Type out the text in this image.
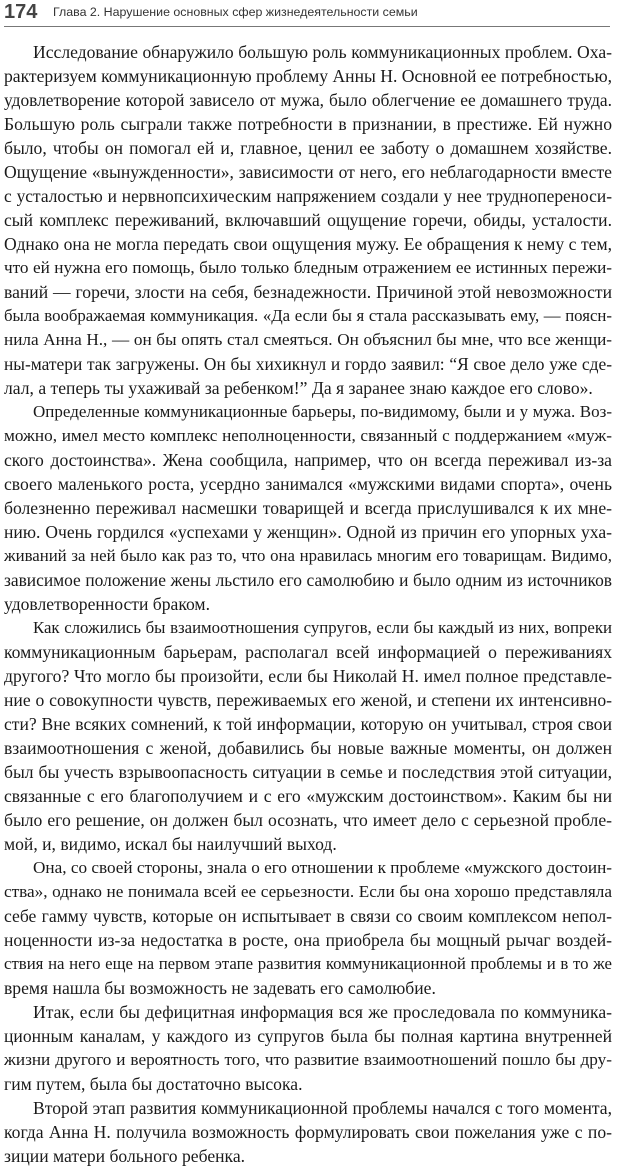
174 Глава 2. Нарушение основных сфер жизнедеятельности семьи
Исследование обнаружило большую роль коммуникационных проблем. Оха-
рактеризуем коммуникационную проблему Анны Н. Основной ее потребностью,
удовлетворение которой зависело от мужа, было облегчение ее домашнего труда.
Большую роль сыграли также потребности в признании, в престиже. Ей нужно
было, чтобы он помогал ей и, главное, ценил ее заботу о домашнем хозяйстве.
Ощущение «вынужденности», зависимости от него, его неблагодарности вместе
с усталостью и нервнопсихическим напряжением создали у нее труднопереноси-
сый комплекс переживаний, включавший ощущение горечи, обиды, усталости.
Однако она не могла передать свои ощущения мужу. Ее обращения к нему с тем,
что ей нужна его помощь, было только бледным отражением ее истинных пережи-
ваний — горечи, злости на себя, безнадежности. Причиной этой невозможности
была воображаемая коммуникация. «Да если бы я стала рассказывать ему, — поясн-
нила Анна Н., — он бы опять стал смеяться. Он объяснил бы мне, что все женщи-
ны-матери так загружены. Он бы хихикнул и гордо заявил: “Я свое дело уже сде-
лал, а теперь ты ухаживай за ребенком!” Да я заранее знаю каждое его слово».
Определенные коммуникационные барьеры, по-видимому, были и у мужа. Воз-
можно, имел место комплекс неполноценности, связанный с поддержанием «муж-
ского достоинства». Жена сообщила, например, что он всегда переживал из-за
своего маленького роста, усердно занимался «мужскими видами спорта», очень
болезненно переживал насмешки товарищей и всегда прислушивался к их мне-
нию. Очень гордился «успехами у женщин». Одной из причин его упорных уха-
живаний за ней было как раз то, что она нравилась многим его товарищам. Видимо,
зависимое положение жены льстило его самолюбию и было одним из источников
удовлетворенности браком.
Как сложились бы взаимоотношения супругов, если бы каждый из них, вопреки
коммуникационным барьерам, располагал всей информацией о переживаниях
другого? Что могло бы произойти, если бы Николай Н. имел полное представле-
ние о совокупности чувств, переживаемых его женой, и степени их интенсивно-
сти? Вне всяких сомнений, к той информации, которую он учитывал, строя свои
взаимоотношения с женой, добавились бы новые важные моменты, он должен
был бы учесть взрывоопасность ситуации в семье и последствия этой ситуации,
связанные с его благополучием и с его «мужским достоинством». Каким бы ни
было его решение, он должен был осознать, что имеет дело с серьезной пробле-
мой, и, видимо, искал бы наилучший выход.
Она, со своей стороны, знала о его отношении к проблеме «мужского достоин-
ства», однако не понимала всей ее серьезности. Если бы она хорошо представляла
себе гамму чувств, которые он испытывает в связи со своим комплексом непол-
ноценности из-за недостатка в росте, она приобрела бы мощный рычаг воздей-
ствия на него еще на первом этапе развития коммуникационной проблемы и в то же
время нашла бы возможность не задевать его самолюбие.
Итак, если бы дефицитная информация вся же проследовала по коммуника-
ционным каналам, у каждого из супругов была бы полная картина внутренней
жизни другого и вероятность того, что развитие взаимоотношений пошло бы дру-
гим путем, была бы достаточно высока.
Второй этап развития коммуникационной проблемы начался с того момента,
когда Анна Н. получила возможность формулировать свои пожелания уже с по-
зиции матери больного ребенка.
